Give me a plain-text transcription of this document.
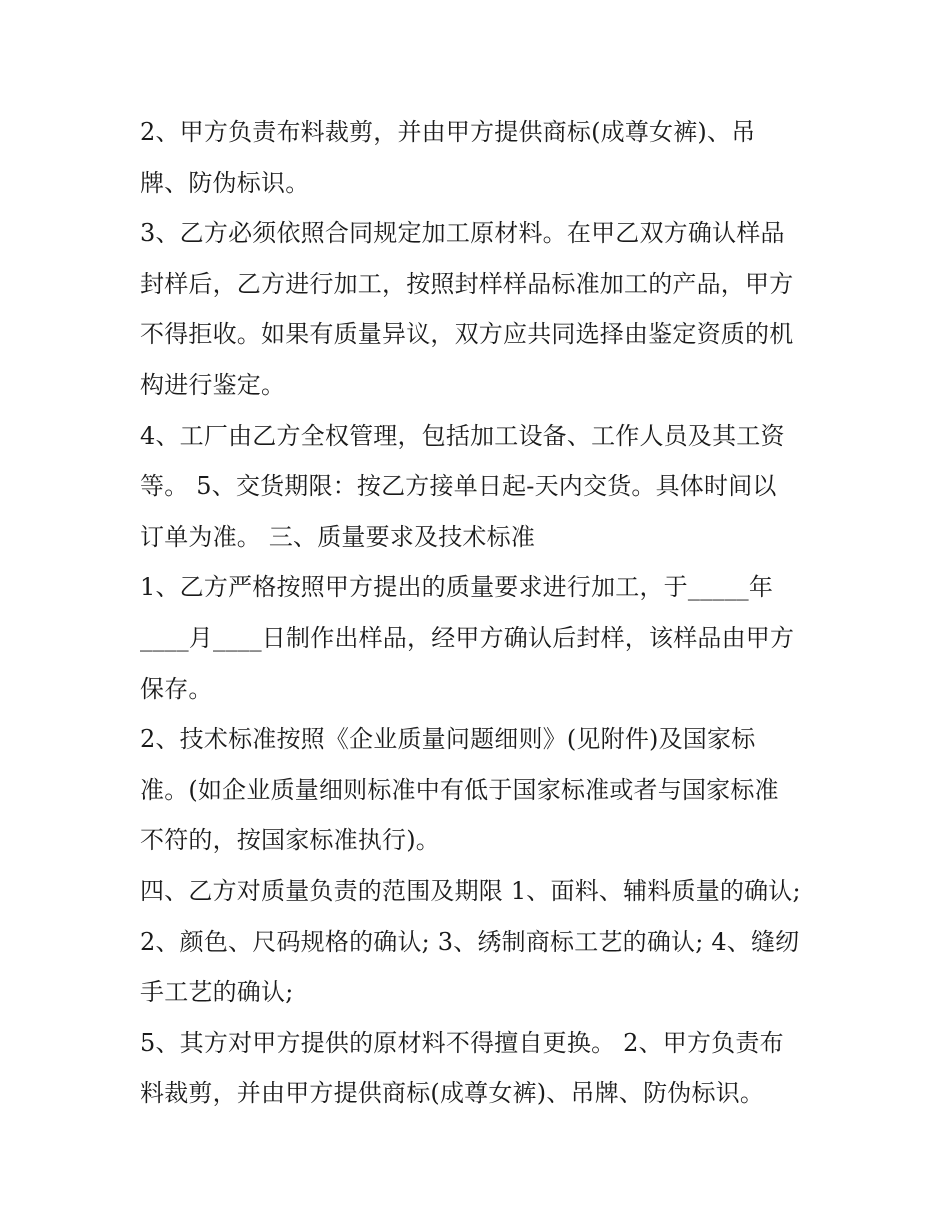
2、甲方负责布料裁剪，并由甲方提供商标(成尊女裤)、吊
牌、防伪标识。
3、乙方必须依照合同规定加工原材料。在甲乙双方确认样品
封样后，乙方进行加工，按照封样样品标准加工的产品，甲方
不得拒收。如果有质量异议，双方应共同选择由鉴定资质的机
构进行鉴定。
4、工厂由乙方全权管理，包括加工设备、工作人员及其工资
等。 5、交货期限：按乙方接单日起-天内交货。具体时间以
订单为准。 三、质量要求及技术标准
1、乙方严格按照甲方提出的质量要求进行加工，于_____年
____月____日制作出样品，经甲方确认后封样，该样品由甲方
保存。
2、技术标准按照《企业质量问题细则》(见附件)及国家标
准。(如企业质量细则标准中有低于国家标准或者与国家标准
不符的，按国家标准执行)。
四、乙方对质量负责的范围及期限 1、面料、辅料质量的确认;
2、颜色、尺码规格的确认; 3、绣制商标工艺的确认; 4、缝纫
手工艺的确认;
5、其方对甲方提供的原材料不得擅自更换。 2、甲方负责布
料裁剪，并由甲方提供商标(成尊女裤)、吊牌、防伪标识。
